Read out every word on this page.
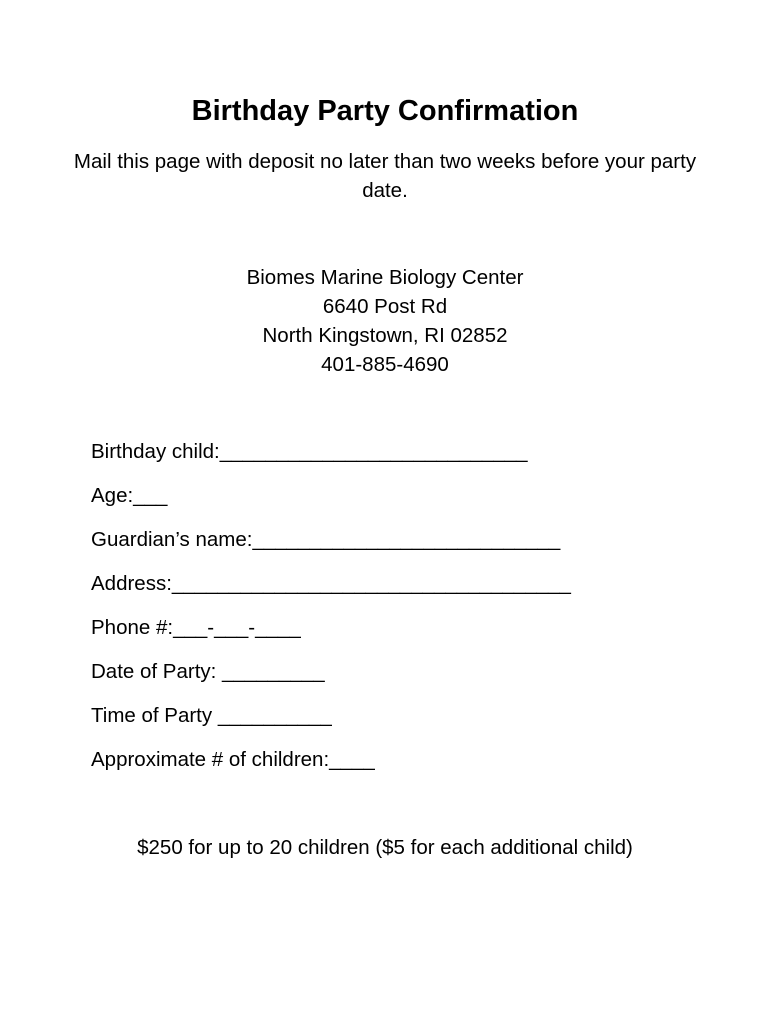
Birthday Party Confirmation

Mail this page with deposit no later than two weeks before your party date.

Biomes Marine Biology Center
6640 Post Rd
North Kingstown, RI 02852
401-885-4690
Birthday child:___________________________
Age:___
Guardian’s name:___________________________
Address:___________________________________
Phone #:___-___-____
Date of Party: _________
Time of Party __________
Approximate # of children:____
$250 for up to 20 children ($5 for each additional child)
